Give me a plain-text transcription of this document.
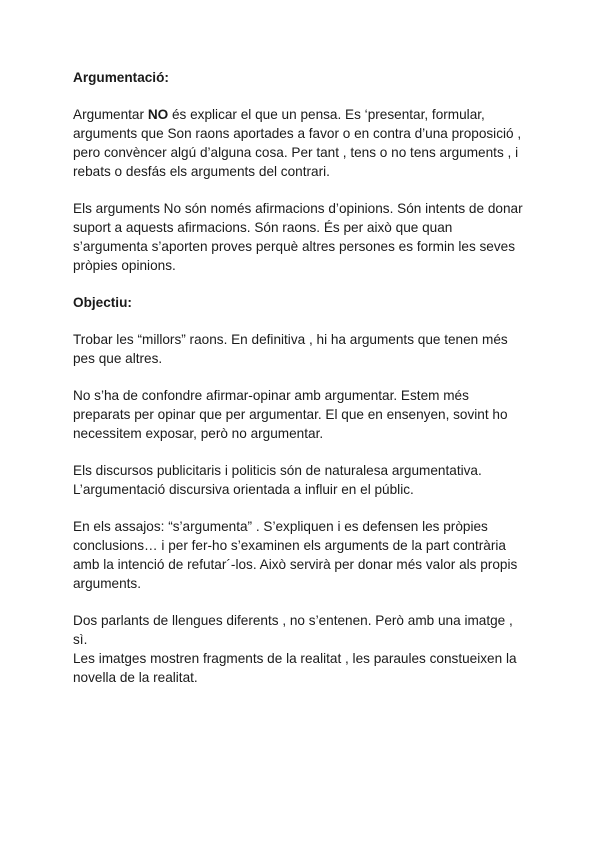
Argumentació:

Argumentar NO és explicar el que un pensa. Es ‘presentar, formular, arguments que Son raons aportades a favor o en contra d’una proposició , pero convèncer algú d’alguna cosa. Per tant , tens o no tens arguments , i rebats o desfás els arguments del contrari.

Els arguments No són només afirmacions d’opinions. Són intents de donar suport a aquests afirmacions. Són raons. És per això que quan s’argumenta s’aporten proves perquè altres persones es formin les seves pròpies opinions.

Objectiu:

Trobar les “millors” raons. En definitiva , hi ha arguments que tenen més pes que altres.

No s’ha de confondre afirmar-opinar amb argumentar. Estem més preparats per opinar que per argumentar. El que en ensenyen, sovint ho necessitem exposar, però no argumentar.

Els discursos publicitaris i politicis són de naturalesa argumentativa. L’argumentació discursiva orientada a influir en el públic.

En els assajos: “s’argumenta” . S’expliquen i es defensen les pròpies conclusions… i per fer-ho s’examinen els arguments de la part contrària amb la intenció de refutar´-los. Això servirà per donar més valor als propis arguments.

Dos parlants de llengues diferents , no s’entenen. Però amb una imatge , sì.
Les imatges mostren fragments de la realitat , les paraules constueixen la novella de la realitat.
